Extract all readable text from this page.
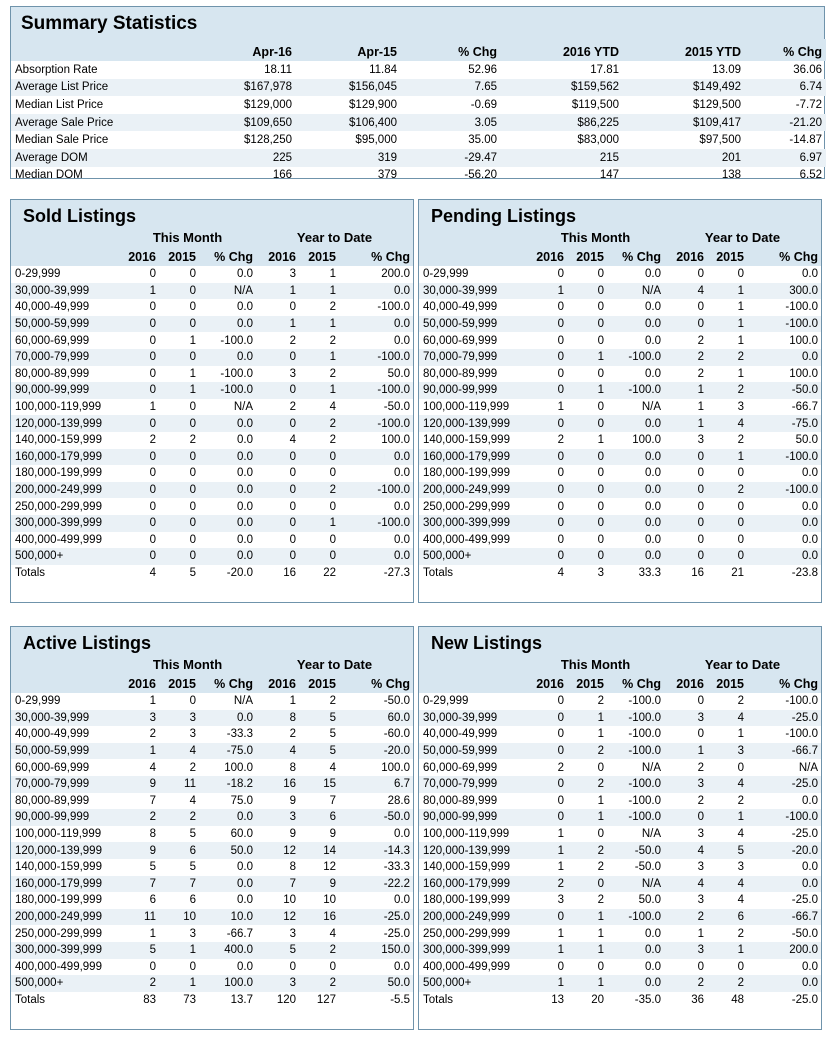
Summary Statistics
	Apr-16	Apr-15	% Chg	2016 YTD	2015 YTD	% Chg
Absorption Rate	18.11	11.84	52.96	17.81	13.09	36.06
Average List Price	$167,978	$156,045	7.65	$159,562	$149,492	6.74
Median List Price	$129,000	$129,900	-0.69	$119,500	$129,500	-7.72
Average Sale Price	$109,650	$106,400	3.05	$86,225	$109,417	-21.20
Median Sale Price	$128,250	$95,000	35.00	$83,000	$97,500	-14.87
Average DOM	225	319	-29.47	215	201	6.97
Median DOM	166	379	-56.20	147	138	6.52
Sold Listings
	This Month			Year to Date		
	2016	2015	% Chg	2016	2015	% Chg
0-29,999	0	0	0.0	3	1	200.0
30,000-39,999	1	0	N/A	1	1	0.0
40,000-49,999	0	0	0.0	0	2	-100.0
50,000-59,999	0	0	0.0	1	1	0.0
60,000-69,999	0	1	-100.0	2	2	0.0
70,000-79,999	0	0	0.0	0	1	-100.0
80,000-89,999	0	1	-100.0	3	2	50.0
90,000-99,999	0	1	-100.0	0	1	-100.0
100,000-119,999	1	0	N/A	2	4	-50.0
120,000-139,999	0	0	0.0	0	2	-100.0
140,000-159,999	2	2	0.0	4	2	100.0
160,000-179,999	0	0	0.0	0	0	0.0
180,000-199,999	0	0	0.0	0	0	0.0
200,000-249,999	0	0	0.0	0	2	-100.0
250,000-299,999	0	0	0.0	0	0	0.0
300,000-399,999	0	0	0.0	0	1	-100.0
400,000-499,999	0	0	0.0	0	0	0.0
500,000+	0	0	0.0	0	0	0.0
Totals	4	5	-20.0	16	22	-27.3
Pending Listings
	This Month			Year to Date		
	2016	2015	% Chg	2016	2015	% Chg
0-29,999	0	0	0.0	0	0	0.0
30,000-39,999	1	0	N/A	4	1	300.0
40,000-49,999	0	0	0.0	0	1	-100.0
50,000-59,999	0	0	0.0	0	1	-100.0
60,000-69,999	0	0	0.0	2	1	100.0
70,000-79,999	0	1	-100.0	2	2	0.0
80,000-89,999	0	0	0.0	2	1	100.0
90,000-99,999	0	1	-100.0	1	2	-50.0
100,000-119,999	1	0	N/A	1	3	-66.7
120,000-139,999	0	0	0.0	1	4	-75.0
140,000-159,999	2	1	100.0	3	2	50.0
160,000-179,999	0	0	0.0	0	1	-100.0
180,000-199,999	0	0	0.0	0	0	0.0
200,000-249,999	0	0	0.0	0	2	-100.0
250,000-299,999	0	0	0.0	0	0	0.0
300,000-399,999	0	0	0.0	0	0	0.0
400,000-499,999	0	0	0.0	0	0	0.0
500,000+	0	0	0.0	0	0	0.0
Totals	4	3	33.3	16	21	-23.8
Active Listings
	This Month			Year to Date		
	2016	2015	% Chg	2016	2015	% Chg
0-29,999	1	0	N/A	1	2	-50.0
30,000-39,999	3	3	0.0	8	5	60.0
40,000-49,999	2	3	-33.3	2	5	-60.0
50,000-59,999	1	4	-75.0	4	5	-20.0
60,000-69,999	4	2	100.0	8	4	100.0
70,000-79,999	9	11	-18.2	16	15	6.7
80,000-89,999	7	4	75.0	9	7	28.6
90,000-99,999	2	2	0.0	3	6	-50.0
100,000-119,999	8	5	60.0	9	9	0.0
120,000-139,999	9	6	50.0	12	14	-14.3
140,000-159,999	5	5	0.0	8	12	-33.3
160,000-179,999	7	7	0.0	7	9	-22.2
180,000-199,999	6	6	0.0	10	10	0.0
200,000-249,999	11	10	10.0	12	16	-25.0
250,000-299,999	1	3	-66.7	3	4	-25.0
300,000-399,999	5	1	400.0	5	2	150.0
400,000-499,999	0	0	0.0	0	0	0.0
500,000+	2	1	100.0	3	2	50.0
Totals	83	73	13.7	120	127	-5.5
New Listings
	This Month			Year to Date		
	2016	2015	% Chg	2016	2015	% Chg
0-29,999	0	2	-100.0	0	2	-100.0
30,000-39,999	0	1	-100.0	3	4	-25.0
40,000-49,999	0	1	-100.0	0	1	-100.0
50,000-59,999	0	2	-100.0	1	3	-66.7
60,000-69,999	2	0	N/A	2	0	N/A
70,000-79,999	0	2	-100.0	3	4	-25.0
80,000-89,999	0	1	-100.0	2	2	0.0
90,000-99,999	0	1	-100.0	0	1	-100.0
100,000-119,999	1	0	N/A	3	4	-25.0
120,000-139,999	1	2	-50.0	4	5	-20.0
140,000-159,999	1	2	-50.0	3	3	0.0
160,000-179,999	2	0	N/A	4	4	0.0
180,000-199,999	3	2	50.0	3	4	-25.0
200,000-249,999	0	1	-100.0	2	6	-66.7
250,000-299,999	1	1	0.0	1	2	-50.0
300,000-399,999	1	1	0.0	3	1	200.0
400,000-499,999	0	0	0.0	0	0	0.0
500,000+	1	1	0.0	2	2	0.0
Totals	13	20	-35.0	36	48	-25.0
